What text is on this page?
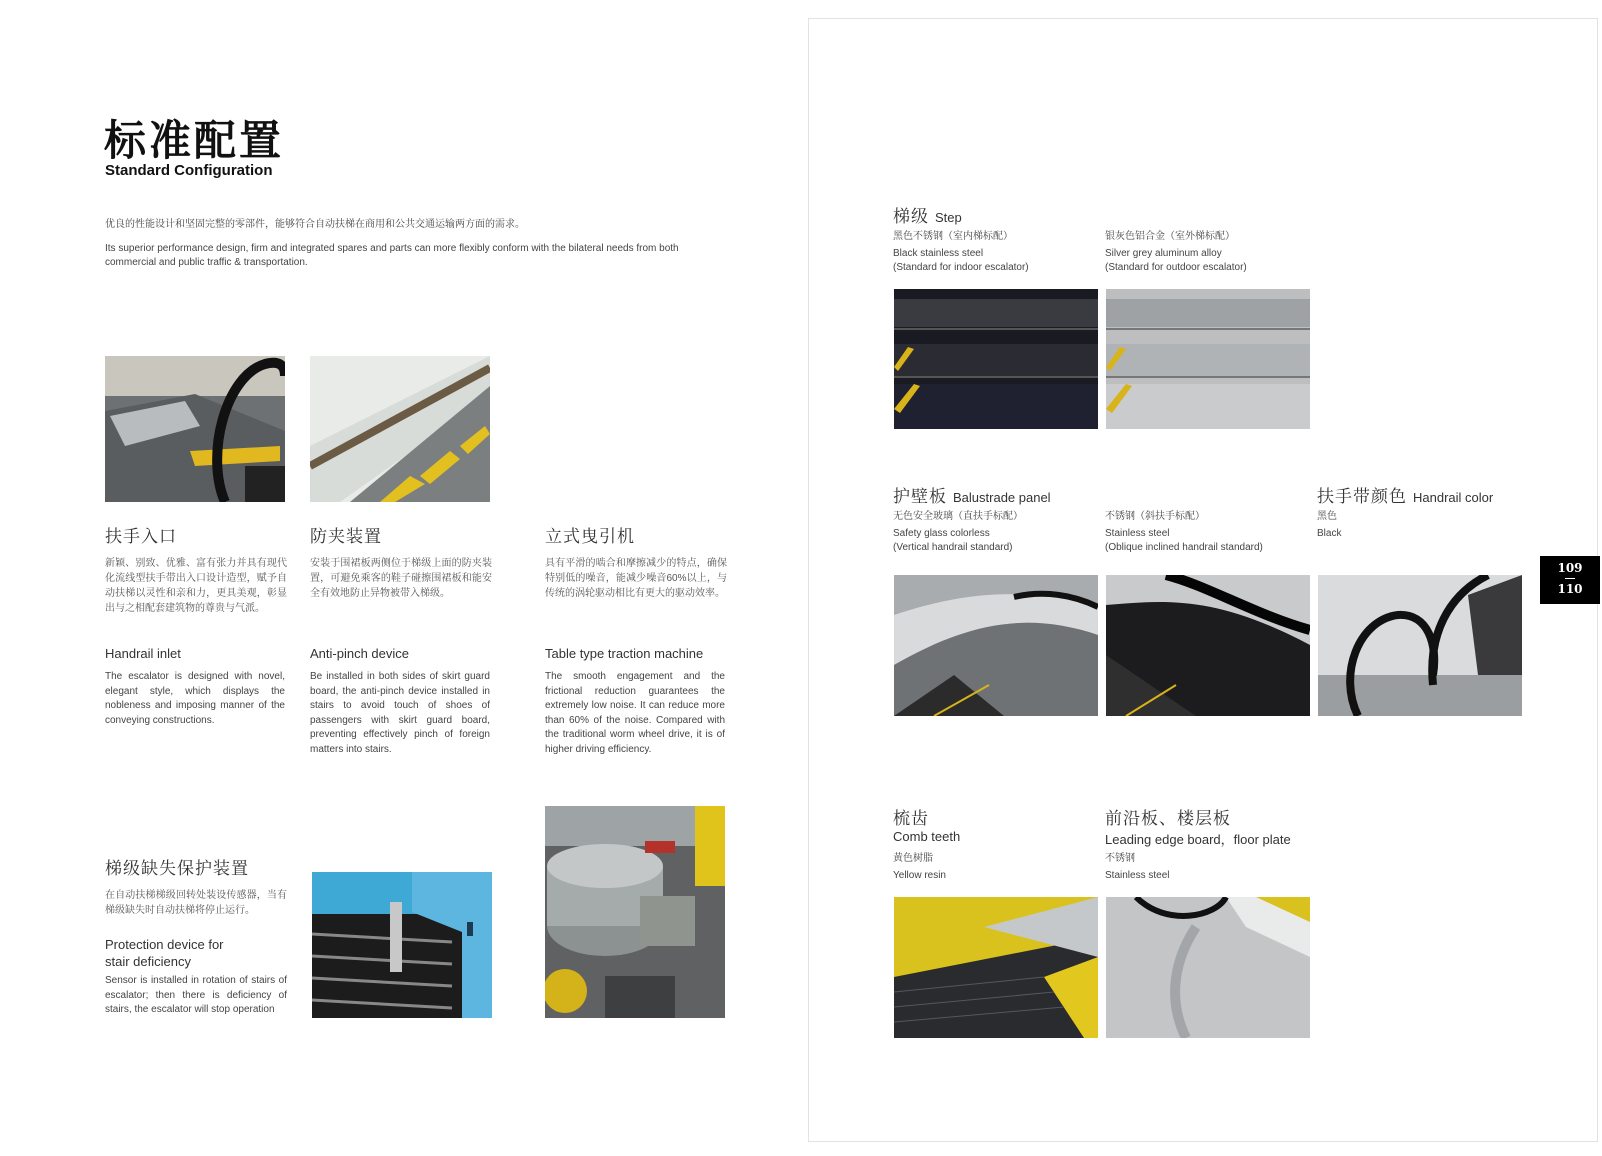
标准配置
Standard Configuration
优良的性能设计和坚固完整的零部件，能够符合自动扶梯在商用和公共交通运输两方面的需求。
Its superior performance design, firm and integrated spares and parts can more flexibly conform with the bilateral needs from both commercial and public traffic & transportation.
扶手入口
新颖、别致、优雅、富有张力并具有现代化流线型扶手带出入口设计造型，赋予自动扶梯以灵性和亲和力，更具美观，彰显出与之相配套建筑物的尊贵与气派。
Handrail inlet
The escalator is designed with novel, elegant style, which displays the nobleness and imposing manner of the conveying constructions.
防夹装置
安装于围裙板两侧位于梯级上面的防夹装置，可避免乘客的鞋子碰擦围裙板和能安全有效地防止异物被带入梯级。
Anti-pinch device
Be installed in both sides of skirt guard board, the anti-pinch device installed in stairs to avoid touch of shoes of passengers with skirt guard board, preventing effectively pinch of foreign matters into stairs.
立式曳引机
具有平滑的啮合和摩擦减少的特点，确保特别低的噪音，能减少噪音60%以上，与传统的涡轮驱动相比有更大的驱动效率。
Table type traction machine
The smooth engagement and the frictional reduction guarantees the extremely low noise. It can reduce more than 60% of the noise. Compared with the traditional worm wheel drive, it is of higher driving efficiency.
梯级缺失保护装置
在自动扶梯梯级回转处装设传感器，当有梯级缺失时自动扶梯将停止运行。
Protection device for
stair deficiency
Sensor is installed in rotation of stairs of escalator; then there is deficiency of stairs, the escalator will stop operation
梯级 Step
黑色不锈钢（室内梯标配）
Black stainless steel
(Standard for indoor escalator)
银灰色铝合金（室外梯标配）
Silver grey aluminum alloy
(Standard for outdoor escalator)
护壁板 Balustrade panel
无色安全玻璃（直扶手标配）
Safety glass colorless
(Vertical handrail standard)
不锈钢（斜扶手标配）
Stainless steel
(Oblique inclined handrail standard)
扶手带颜色 Handrail color
黑色
Black
109
110
梳齿
Comb teeth
黄色树脂
Yellow resin
前沿板、楼层板
Leading edge board，floor plate
不锈钢
Stainless steel
